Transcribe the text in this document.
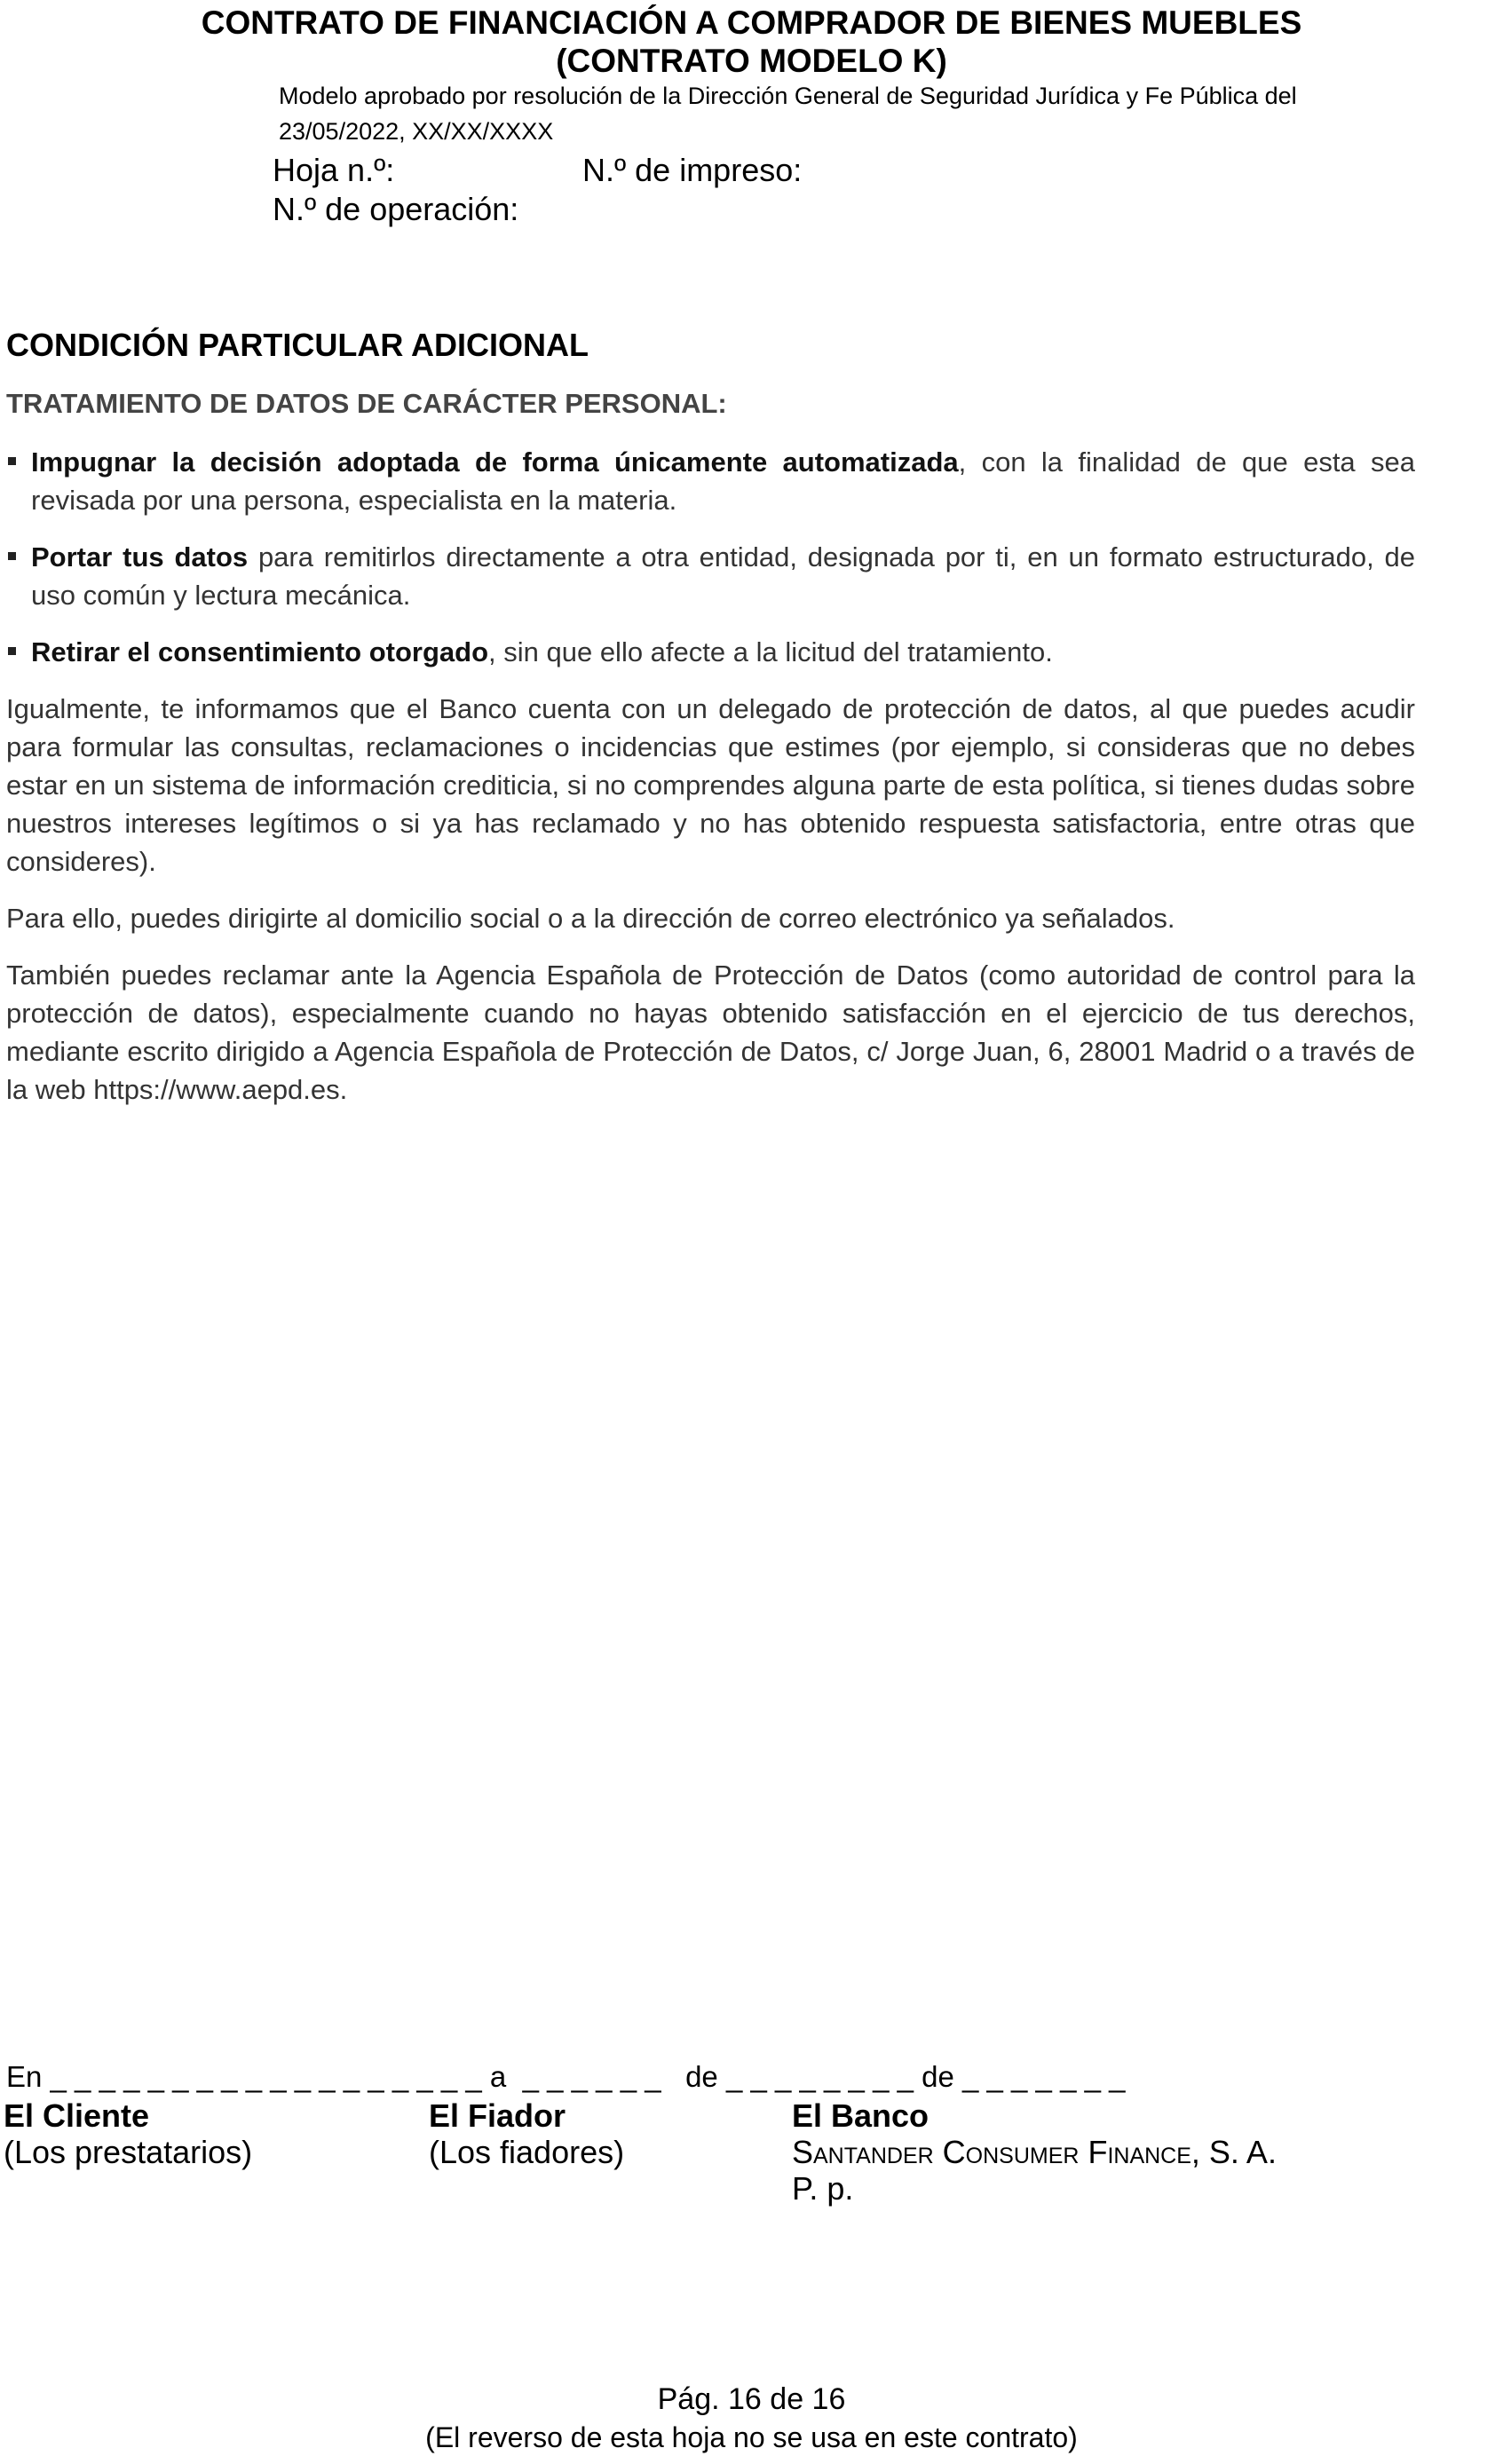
CONTRATO DE FINANCIACIÓN A COMPRADOR DE BIENES MUEBLES
(CONTRATO MODELO K)
Modelo aprobado por resolución de la Dirección General de Seguridad Jurídica y Fe Pública del
23/05/2022, XX/XX/XXXX
Hoja n.º:	N.º de impreso:
N.º de operación:
CONDICIÓN PARTICULAR ADICIONAL
TRATAMIENTO DE DATOS DE CARÁCTER PERSONAL:
Impugnar la decisión adoptada de forma únicamente automatizada, con la finalidad de que esta sea revisada por una persona, especialista en la materia.
Portar tus datos para remitirlos directamente a otra entidad, designada por ti, en un formato estructurado, de uso común y lectura mecánica.
Retirar el consentimiento otorgado, sin que ello afecte a la licitud del tratamiento.

Igualmente, te informamos que el Banco cuenta con un delegado de protección de datos, al que puedes acudir para formular las consultas, reclamaciones o incidencias que estimes (por ejemplo, si consideras que no debes estar en un sistema de información crediticia, si no comprendes alguna parte de esta política, si tienes dudas sobre nuestros intereses legítimos o si ya has reclamado y no has obtenido respuesta satisfactoria, entre otras que consideres).

Para ello, puedes dirigirte al domicilio social o a la dirección de correo electrónico ya señalados.

También puedes reclamar ante la Agencia Española de Protección de Datos (como autoridad de control para la protección de datos), especialmente cuando no hayas obtenido satisfacción en el ejercicio de tus derechos, mediante escrito dirigido a Agencia Española de Protección de Datos, c/ Jorge Juan, 6, 28001 Madrid o a través de la web https://www.aepd.es.

En _ _ _ _ _ _ _ _ _ _ _ _ _ _ _ _ _ _ a  _ _ _ _ _ _   de _ _ _ _ _ _ _ _ de _ _ _ _ _ _ _
El Cliente
(Los prestatarios)
El Fiador
(Los fiadores)
El Banco
Santander Consumer Finance, S. A.
P. p.
Pág. 16 de 16
(El reverso de esta hoja no se usa en este contrato)
